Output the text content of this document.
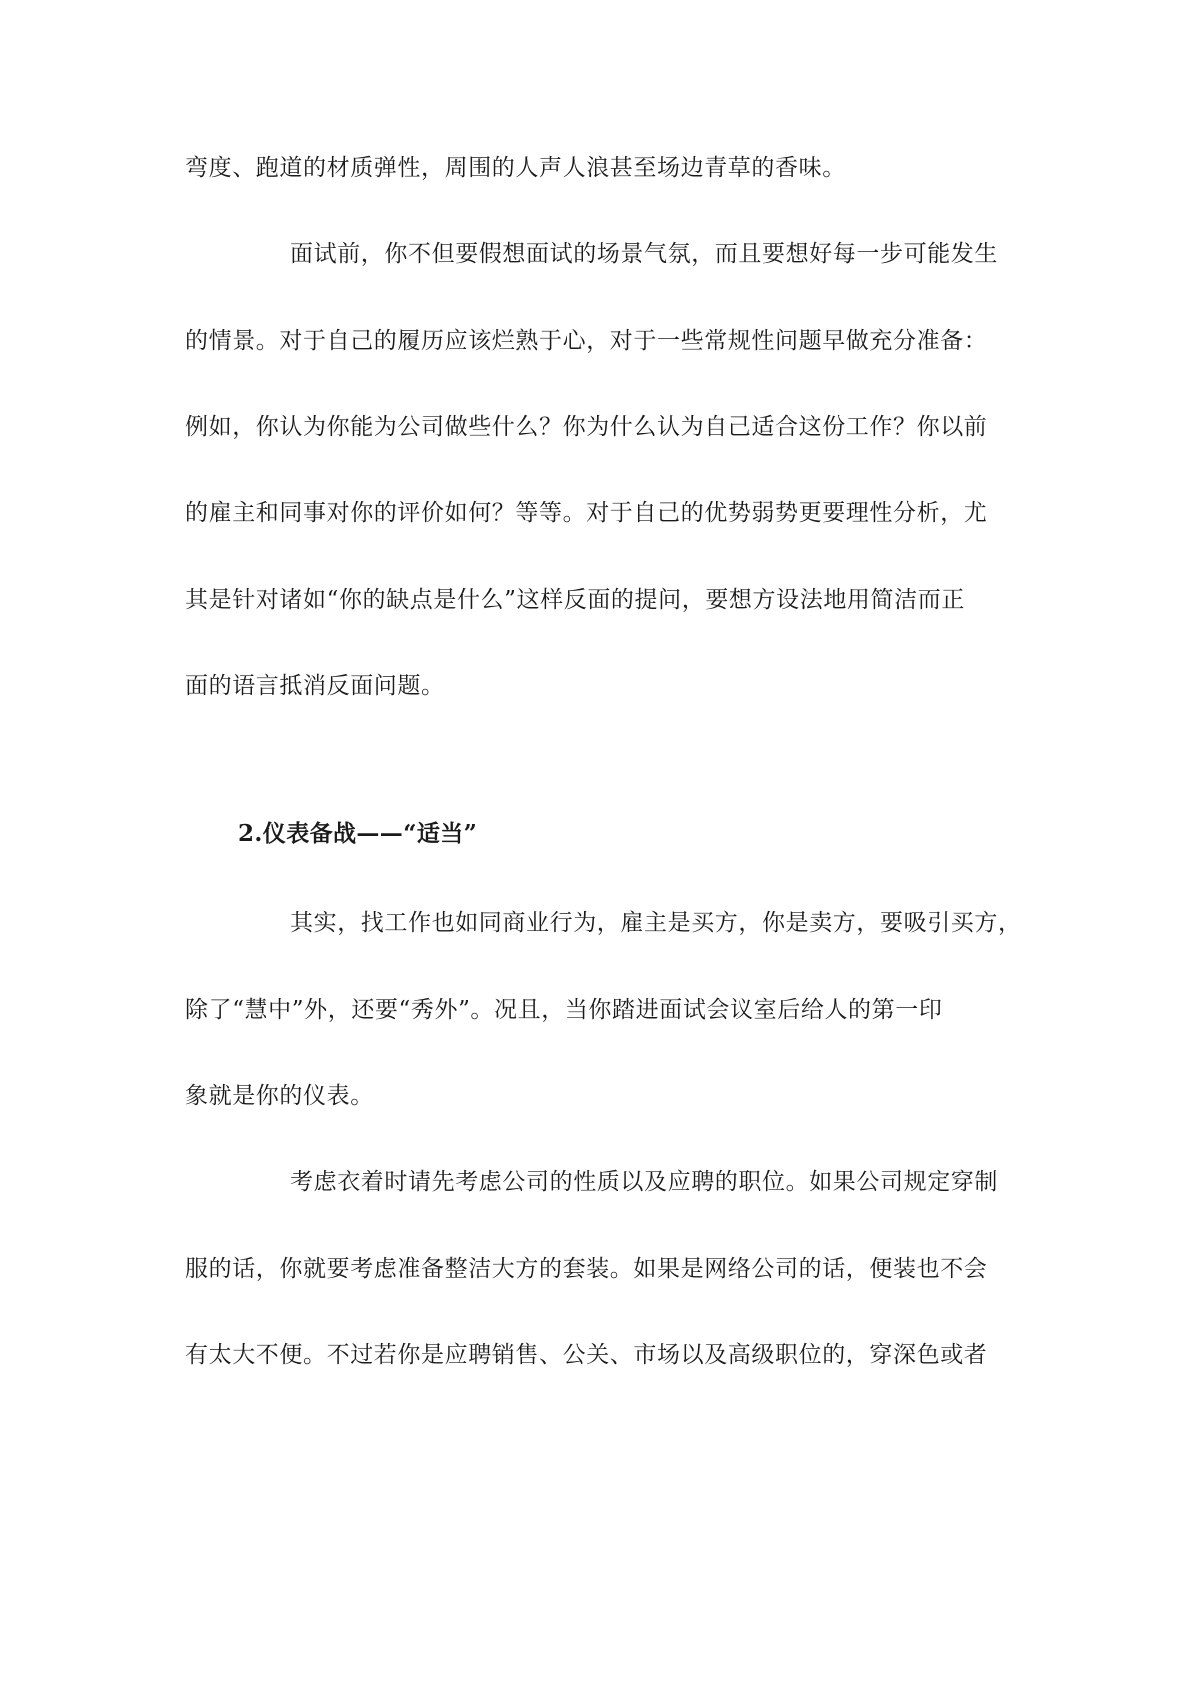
弯度、跑道的材质弹性，周围的人声人浪甚至场边青草的香味。
面试前，你不但要假想面试的场景气氛，而且要想好每一步可能发生
的情景。对于自己的履历应该烂熟于心，对于一些常规性问题早做充分准备：
例如，你认为你能为公司做些什么？你为什么认为自己适合这份工作？你以前
的雇主和同事对你的评价如何？等等。对于自己的优势弱势更要理性分析，尤
其是针对诸如“你的缺点是什么”这样反面的提问，要想方设法地用简洁而正
面的语言抵消反面问题。
2.仪表备战——“适当”
其实，找工作也如同商业行为，雇主是买方，你是卖方，要吸引买方，
除了“慧中”外，还要“秀外”。况且，当你踏进面试会议室后给人的第一印
象就是你的仪表。
考虑衣着时请先考虑公司的性质以及应聘的职位。如果公司规定穿制
服的话，你就要考虑准备整洁大方的套装。如果是网络公司的话，便装也不会
有太大不便。不过若你是应聘销售、公关、市场以及高级职位的，穿深色或者
